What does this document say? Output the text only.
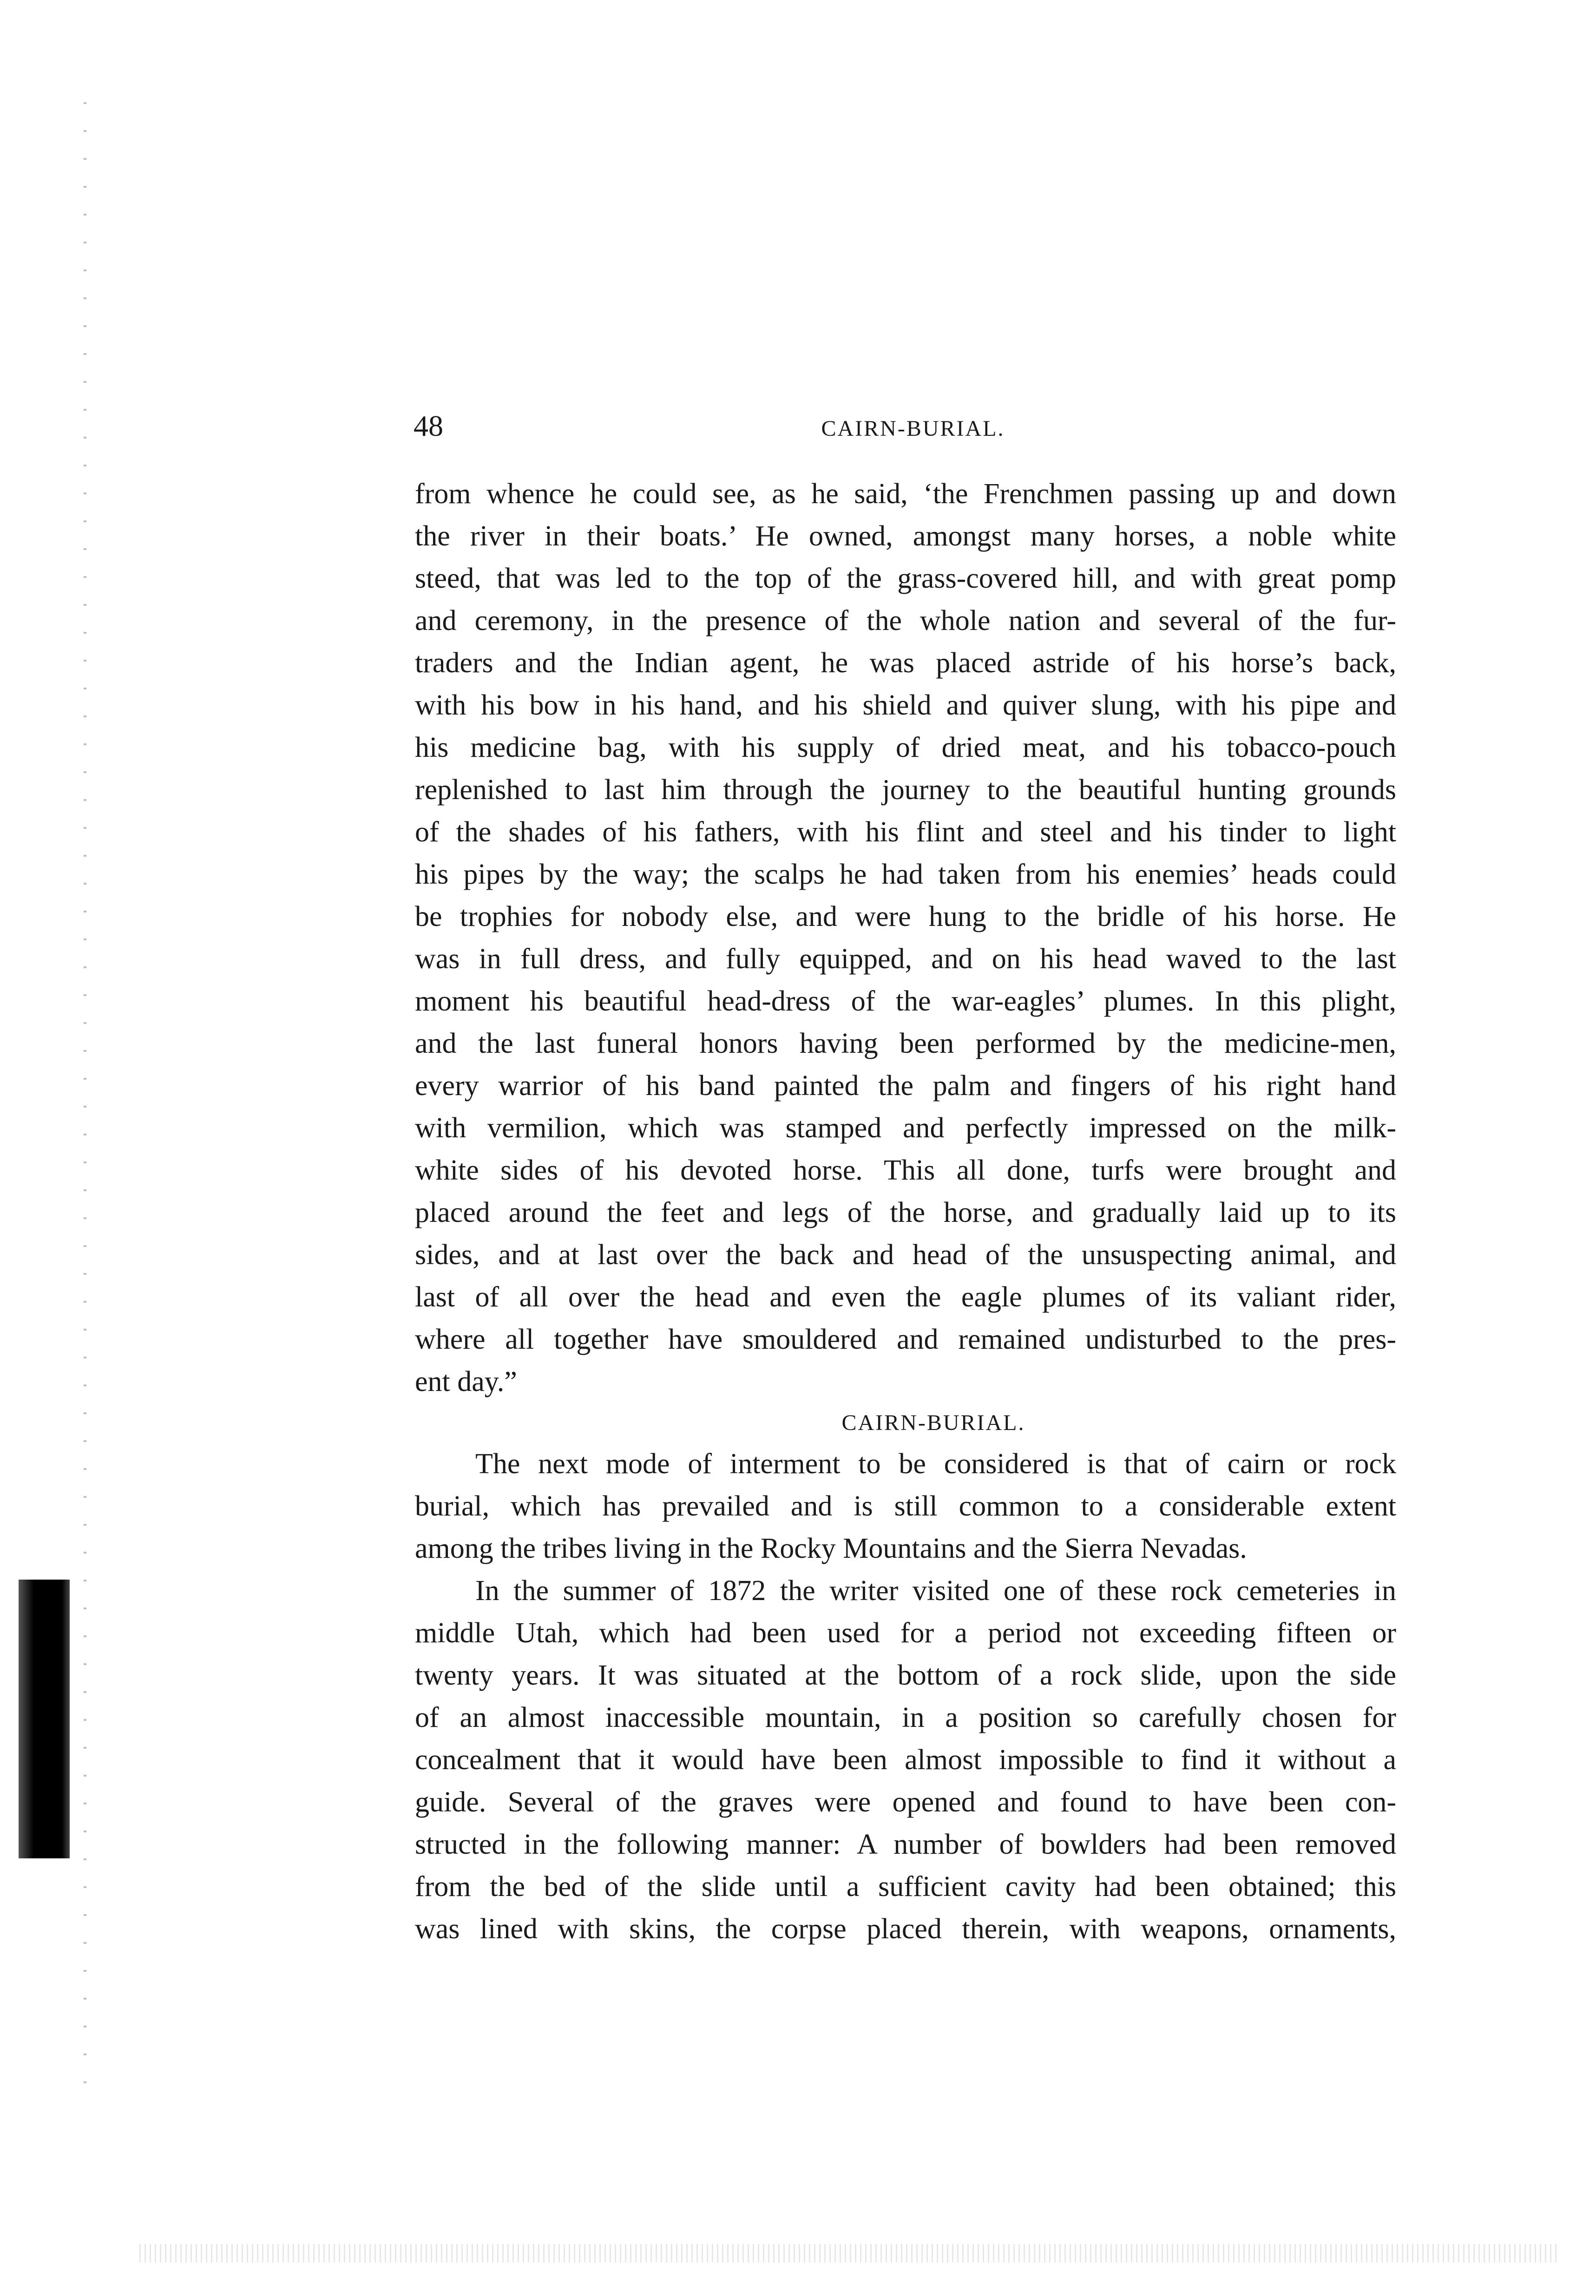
48	CAIRN-BURIAL.
from whence he could see, as he said, ‘the Frenchmen passing up and down
the river in their boats.’ He owned, amongst many horses, a noble white
steed, that was led to the top of the grass-covered hill, and with great pomp
and ceremony, in the presence of the whole nation and several of the fur-
traders and the Indian agent, he was placed astride of his horse’s back,
with his bow in his hand, and his shield and quiver slung, with his pipe and
his medicine bag, with his supply of dried meat, and his tobacco-pouch
replenished to last him through the journey to the beautiful hunting grounds
of the shades of his fathers, with his flint and steel and his tinder to light
his pipes by the way; the scalps he had taken from his enemies’ heads could
be trophies for nobody else, and were hung to the bridle of his horse. He
was in full dress, and fully equipped, and on his head waved to the last
moment his beautiful head-dress of the war-eagles’ plumes. In this plight,
and the last funeral honors having been performed by the medicine-men,
every warrior of his band painted the palm and fingers of his right hand
with vermilion, which was stamped and perfectly impressed on the milk-
white sides of his devoted horse. This all done, turfs were brought and
placed around the feet and legs of the horse, and gradually laid up to its
sides, and at last over the back and head of the unsuspecting animal, and
last of all over the head and even the eagle plumes of its valiant rider,
where all together have smouldered and remained undisturbed to the pres-
ent day.”
CAIRN-BURIAL.
The next mode of interment to be considered is that of cairn or rock
burial, which has prevailed and is still common to a considerable extent
among the tribes living in the Rocky Mountains and the Sierra Nevadas.
In the summer of 1872 the writer visited one of these rock cemeteries in
middle Utah, which had been used for a period not exceeding fifteen or
twenty years. It was situated at the bottom of a rock slide, upon the side
of an almost inaccessible mountain, in a position so carefully chosen for
concealment that it would have been almost impossible to find it without a
guide. Several of the graves were opened and found to have been con-
structed in the following manner: A number of bowlders had been removed
from the bed of the slide until a sufficient cavity had been obtained; this
was lined with skins, the corpse placed therein, with weapons, ornaments,
